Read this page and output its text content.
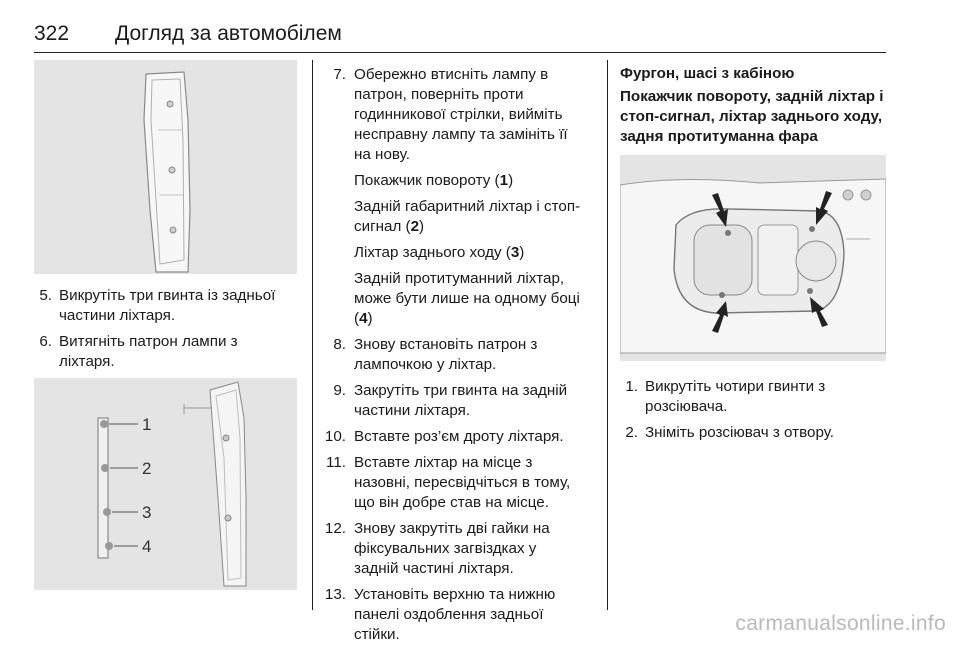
322 Догляд за автомобілем
5. Викрутіть три гвинта із задньої частини ліхтаря.
6. Витягніть патрон лампи з ліхтаря.
1
2
3
4
7. Обережно втисніть лампу в патрон, поверніть проти годинникової стрілки, вийміть несправну лампу та замініть її на нову.

Покажчик повороту (1)

Задній габаритний ліхтар і стоп-сигнал (2)

Ліхтар заднього ходу (3)

Задній протитуманний ліхтар, може бути лише на одному боці (4)

8. Знову встановіть патрон з лампочкою у ліхтар.
9. Закрутіть три гвинта на задній частини ліхтаря.
10. Вставте роз’єм дроту ліхтаря.
11. Вставте ліхтар на місце з назовні, пересвідчіться в тому, що він добре став на місце.
12. Знову закрутіть дві гайки на фіксувальних загвіздках у задній частині ліхтаря.
13. Установіть верхню та нижню панелі оздоблення задньої стійки.

Фургон, шасі з кабіною

Покажчик повороту, задній ліхтар і стоп-сигнал, ліхтар заднього ходу, задня протитуманна фара

1. Викрутіть чотири гвинти з розсіювача.
2. Зніміть розсіювач з отвору.
carmanualsonline.info
